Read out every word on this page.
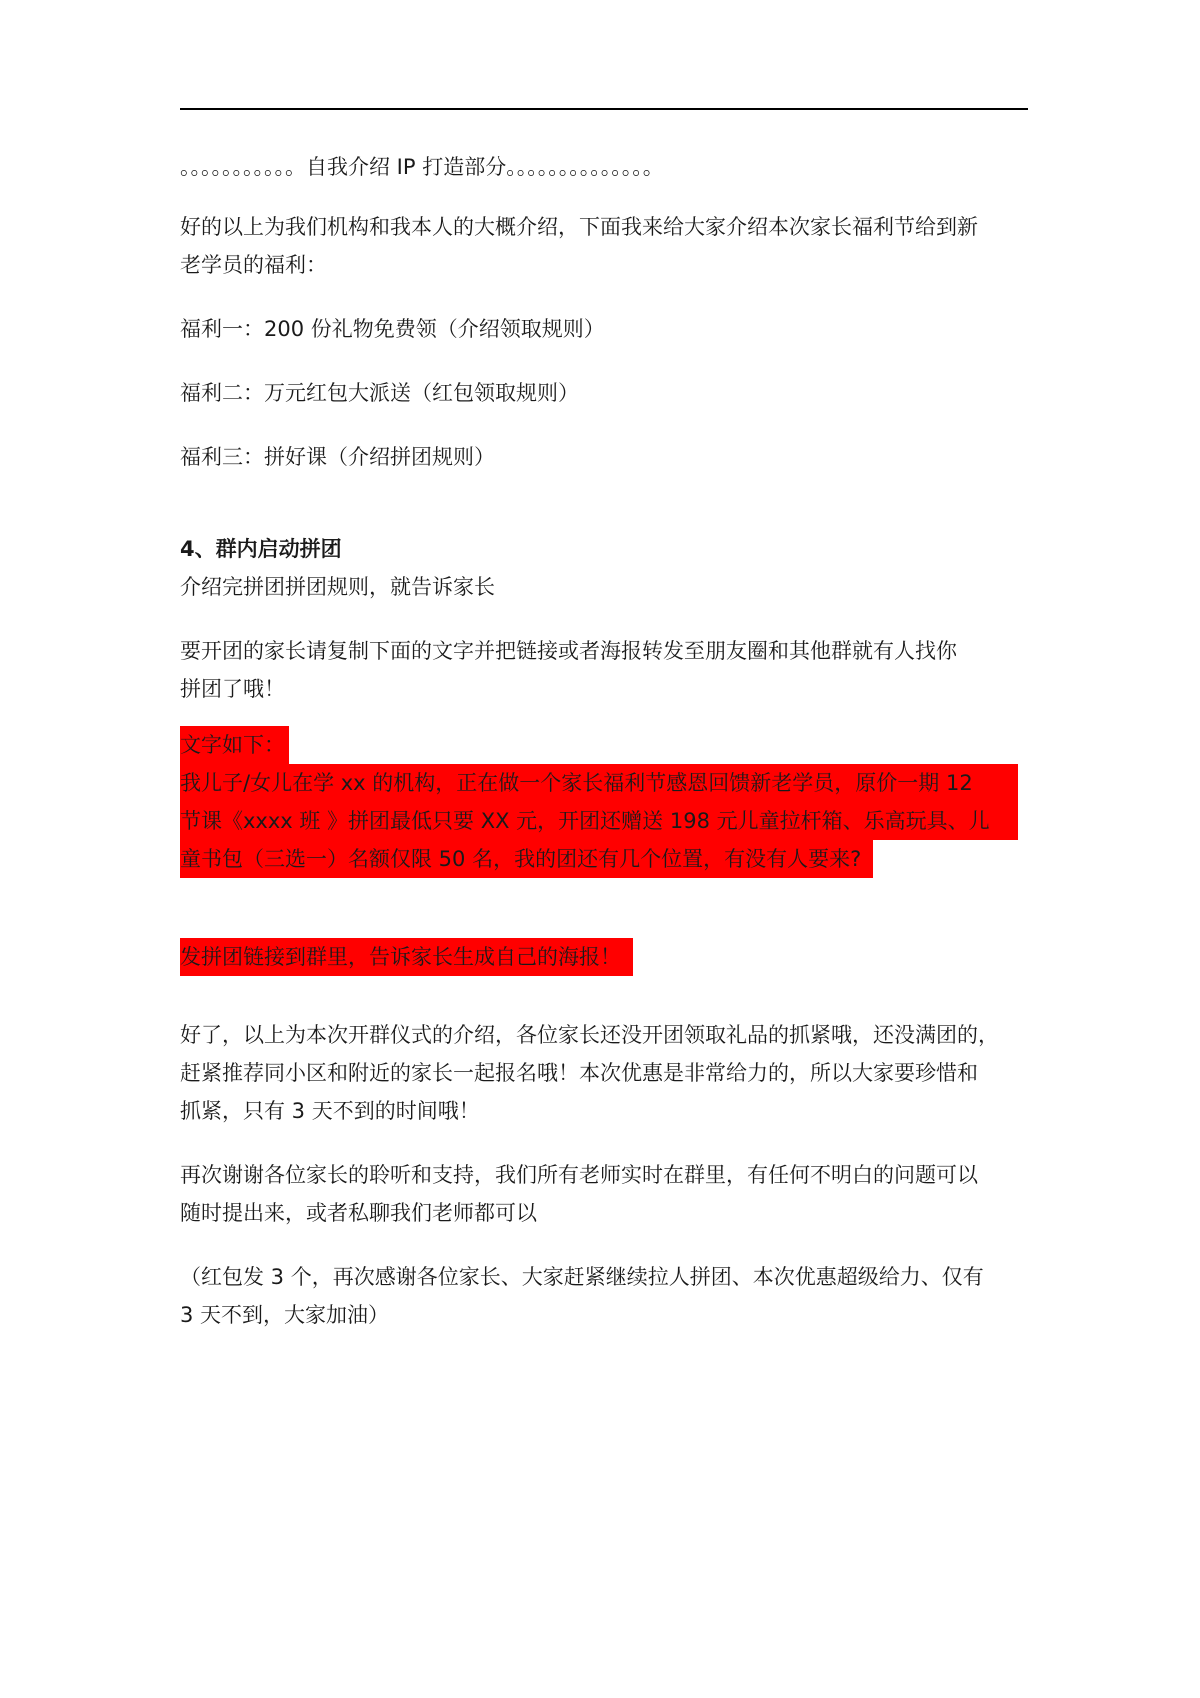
。。。。。。。。。。。自我介绍 IP 打造部分。。。。。。。。。。。。。。

好的以上为我们机构和我本人的大概介绍，下面我来给大家介绍本次家长福利节给到新

老学员的福利：

福利一：200 份礼物免费领（介绍领取规则）

福利二：万元红包大派送（红包领取规则）

福利三：拼好课（介绍拼团规则）

4、群内启动拼团

介绍完拼团拼团规则，就告诉家长

要开团的家长请复制下面的文字并把链接或者海报转发至朋友圈和其他群就有人找你

拼团了哦！

文字如下：

我儿子/女儿在学 xx 的机构，正在做一个家长福利节感恩回馈新老学员，原价一期 12

节课《xxxx 班 》拼团最低只要 XX 元，开团还赠送 198 元儿童拉杆箱、乐高玩具、儿

童书包（三选一）名额仅限 50 名，我的团还有几个位置，有没有人要来?

发拼团链接到群里，告诉家长生成自己的海报！

好了，以上为本次开群仪式的介绍，各位家长还没开团领取礼品的抓紧哦，还没满团的，

赶紧推荐同小区和附近的家长一起报名哦！本次优惠是非常给力的，所以大家要珍惜和

抓紧，只有 3 天不到的时间哦！

再次谢谢各位家长的聆听和支持，我们所有老师实时在群里，有任何不明白的问题可以

随时提出来，或者私聊我们老师都可以

（红包发 3 个，再次感谢各位家长、大家赶紧继续拉人拼团、本次优惠超级给力、仅有

3 天不到，大家加油）
